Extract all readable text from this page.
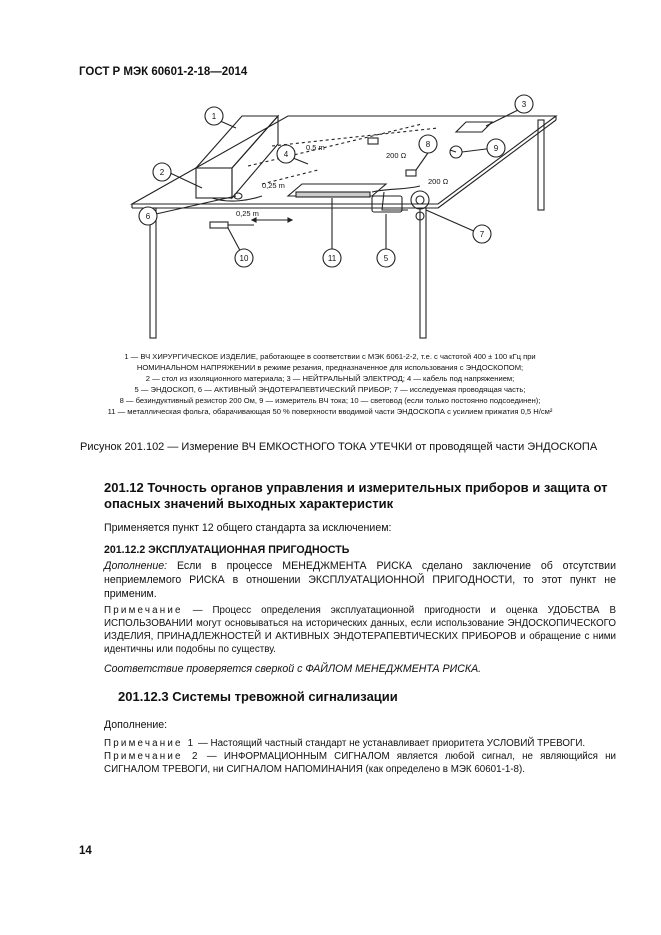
ГОСТ Р МЭК 60601-2-18—2014
1
2
3
4
5
6
7
8	9
10	11
0,5 m
0,25 m
0,25 m
200 Ω
200 Ω
1 — ВЧ ХИРУРГИЧЕСКОЕ ИЗДЕЛИЕ, работающее в соответствии с МЭК 6061-2-2, т.е. с частотой 400 ± 100 кГц при
НОМИНАЛЬНОМ НАПРЯЖЕНИИ в режиме резания, предназначенное для использования с ЭНДОСКОПОМ;
2 — стол из изоляционного материала; 3 — НЕЙТРАЛЬНЫЙ ЭЛЕКТРОД; 4 — кабель под напряжением;
5 — ЭНДОСКОП, 6 — АКТИВНЫЙ ЭНДОТЕРАПЕВТИЧЕСКИЙ ПРИБОР; 7 — исследуемая проводящая часть;
8 — безиндуктивный резистор 200 Ом, 9 — измеритель ВЧ тока; 10 — световод (если только постоянно подсоединен);
11 — металлическая фольга, обарачивающая 50 % поверхности вводимой части ЭНДОСКОПА с усилием прижатия 0,5 Н/см²
Рисунок 201.102 — Измерение ВЧ ЕМКОСТНОГО ТОКА УТЕЧКИ от проводящей части ЭНДОСКОПА
201.12 Точность органов управления и измерительных приборов и защита от опасных значений выходных характеристик
Применяется пункт 12 общего стандарта за исключением:
201.12.2 ЭКСПЛУАТАЦИОННАЯ ПРИГОДНОСТЬ
Дополнение: Если в процессе МЕНЕДЖМЕНТА РИСКА сделано заключение об отсутствии неприемлемого РИСКА в отношении ЭКСПЛУАТАЦИОННОЙ ПРИГОДНОСТИ, то этот пункт не применим.
Примечание — Процесс определения эксплуатационной пригодности и оценка УДОБСТВА В ИСПОЛЬЗОВАНИИ могут основываться на исторических данных, если использование ЭНДОСКОПИЧЕСКОГО ИЗДЕЛИЯ, ПРИНАДЛЕЖНОСТЕЙ И АКТИВНЫХ ЭНДОТЕРАПЕВТИЧЕСКИХ ПРИБОРОВ и обращение с ними идентичны или подобны по существу.
Соответствие проверяется сверкой с ФАЙЛОМ МЕНЕДЖМЕНТА РИСКА.
201.12.3 Системы тревожной сигнализации
Дополнение:
Примечание 1 — Настоящий частный стандарт не устанавливает приоритета УСЛОВИЙ ТРЕВОГИ.
Примечание 2 — ИНФОРМАЦИОННЫМ СИГНАЛОМ является любой сигнал, не являющийся ни СИГНАЛОМ ТРЕВОГИ, ни СИГНАЛОМ НАПОМИНАНИЯ (как определено в МЭК 60601-1-8).
14
